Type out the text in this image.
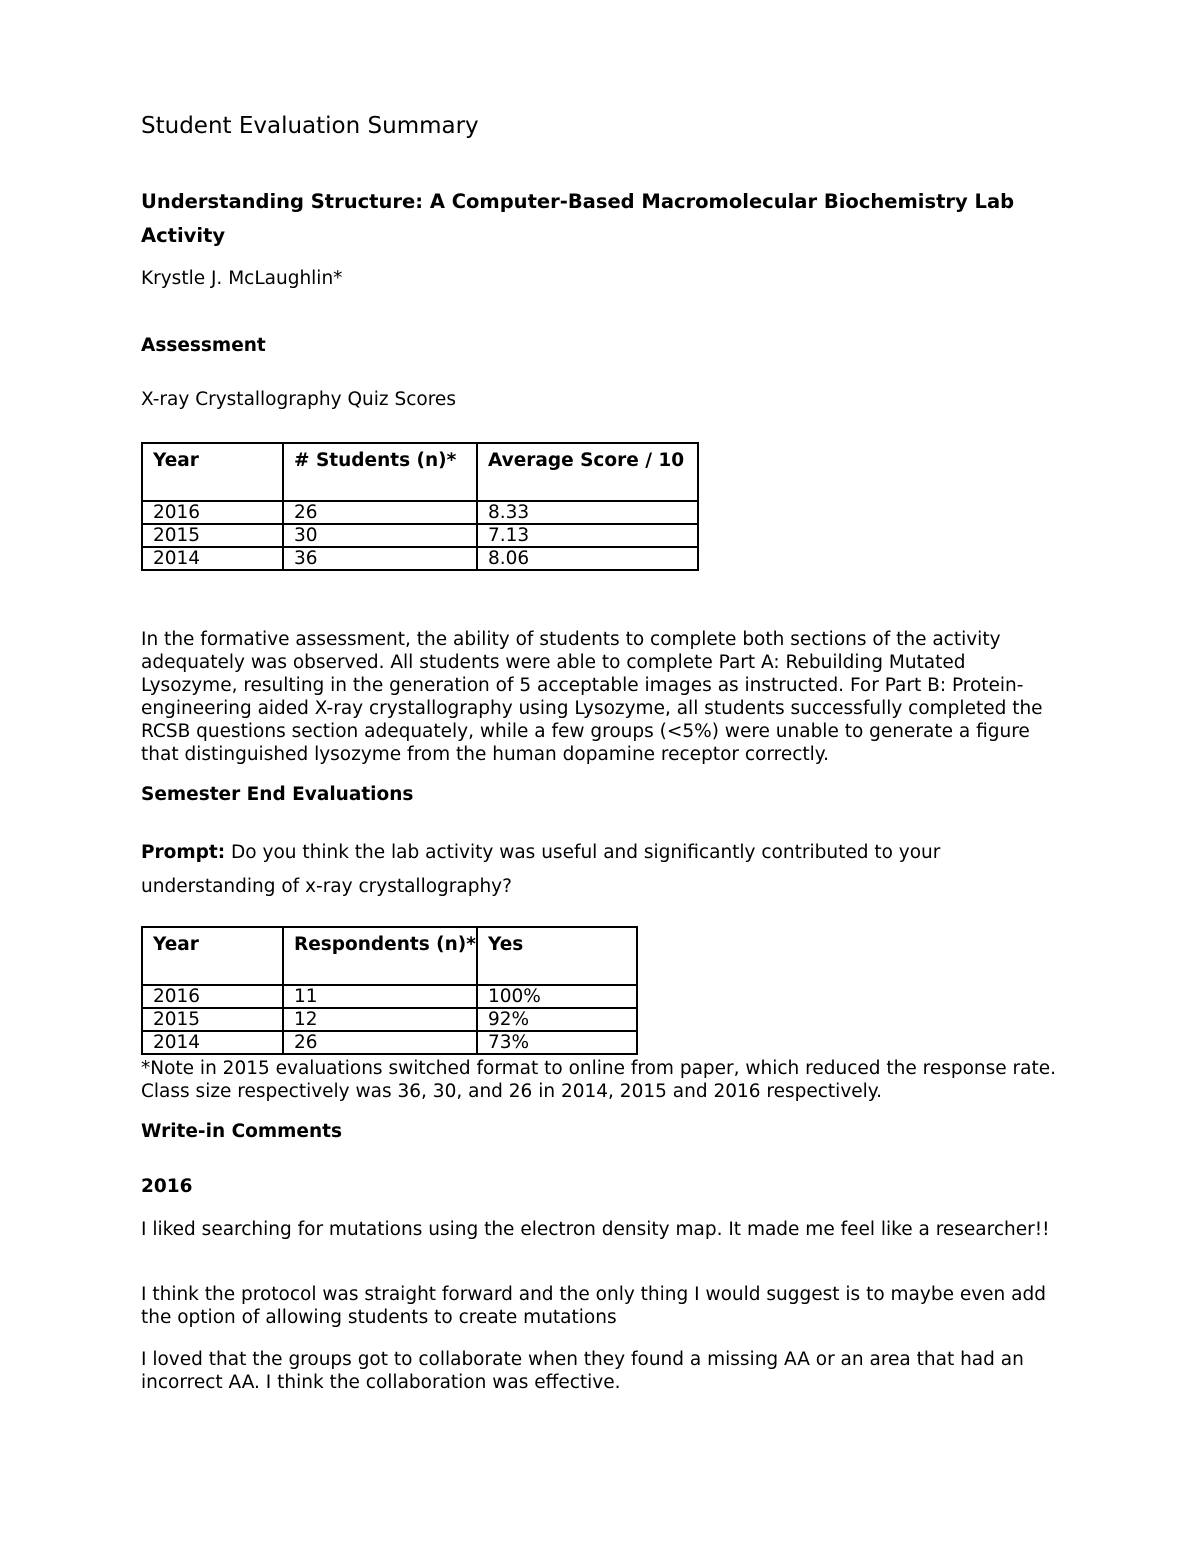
Student Evaluation Summary
Understanding Structure: A Computer-Based Macromolecular Biochemistry Lab Activity

Krystle J. McLaughlin*

Assessment

X-ray Crystallography Quiz Scores

Year	# Students (n)*	Average Score / 10
2016	26	8.33
2015	30	7.13
2014	36	8.06

In the formative assessment, the ability of students to complete both sections of the activity adequately was observed. All students were able to complete Part A: Rebuilding Mutated Lysozyme, resulting in the generation of 5 acceptable images as instructed. For Part B: Protein-engineering aided X-ray crystallography using Lysozyme, all students successfully completed the RCSB questions section adequately, while a few groups (<5%) were unable to generate a figure that distinguished lysozyme from the human dopamine receptor correctly.

Semester End Evaluations

Prompt: Do you think the lab activity was useful and significantly contributed to your understanding of x-ray crystallography?

Year	Respondents (n)*	Yes
2016	11	100%
2015	12	92%
2014	26	73%

*Note in 2015 evaluations switched format to online from paper, which reduced the response rate. Class size respectively was 36, 30, and 26 in 2014, 2015 and 2016 respectively.

Write-in Comments
2016

I liked searching for mutations using the electron density map. It made me feel like a researcher!!

I think the protocol was straight forward and the only thing I would suggest is to maybe even add the option of allowing students to create mutations

I loved that the groups got to collaborate when they found a missing AA or an area that had an incorrect AA. I think the collaboration was effective.
